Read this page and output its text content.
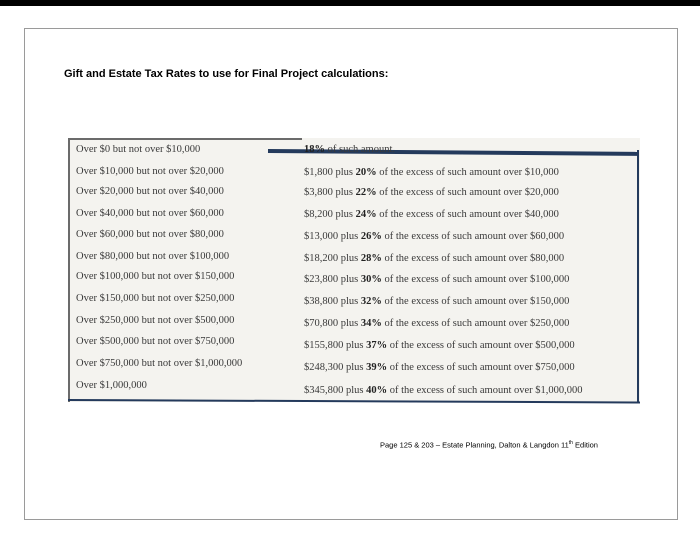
Gift and Estate Tax Rates to use for Final Project calculations:
Over $0 but not over $10,000	18% of such amount.
Over $10,000 but not over $20,000	$1,800 plus 20% of the excess of such amount over $10,000
Over $20,000 but not over $40,000	$3,800 plus 22% of the excess of such amount over $20,000
Over $40,000 but not over $60,000	$8,200 plus 24% of the excess of such amount over $40,000
Over $60,000 but not over $80,000	$13,000 plus 26% of the excess of such amount over $60,000
Over $80,000 but not over $100,000	$18,200 plus 28% of the excess of such amount over $80,000
Over $100,000 but not over $150,000	$23,800 plus 30% of the excess of such amount over $100,000
Over $150,000 but not over $250,000	$38,800 plus 32% of the excess of such amount over $150,000
Over $250,000 but not over $500,000	$70,800 plus 34% of the excess of such amount over $250,000
Over $500,000 but not over $750,000	$155,800 plus 37% of the excess of such amount over $500,000
Over $750,000 but not over $1,000,000	$248,300 plus 39% of the excess of such amount over $750,000
Over $1,000,000	$345,800 plus 40% of the excess of such amount over $1,000,000
Page 125 & 203 – Estate Planning, Dalton & Langdon 11th Edition
